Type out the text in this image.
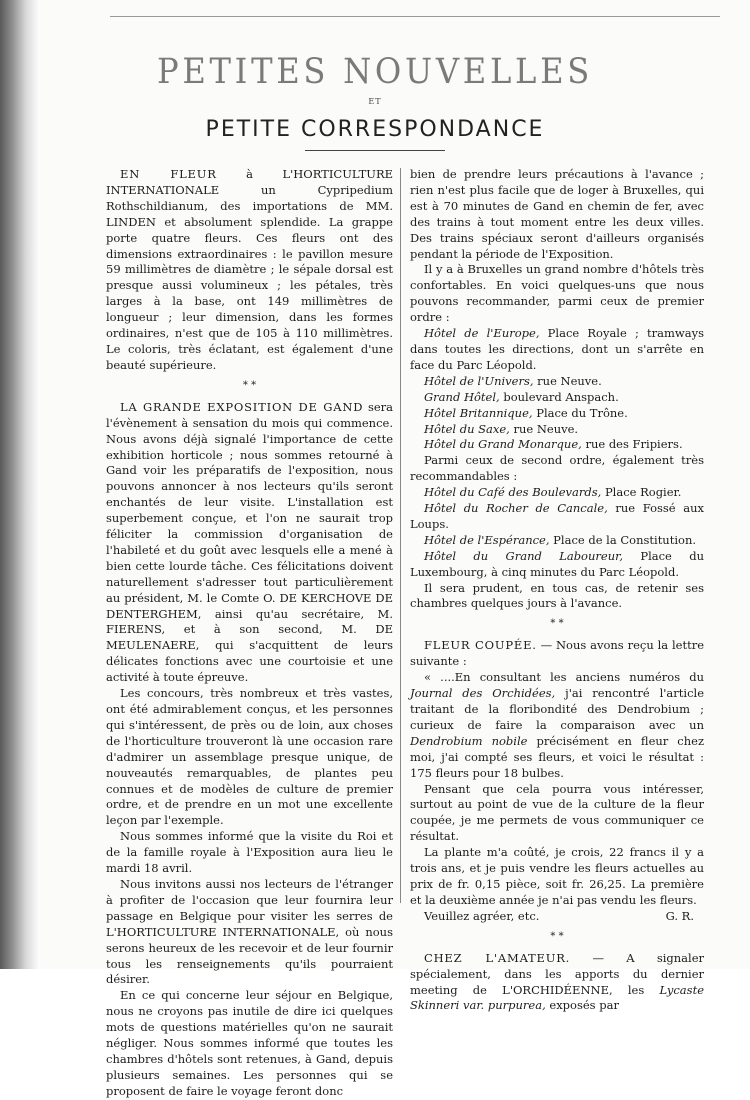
PETITES NOUVELLES
ET
PETITE CORRESPONDANCE

EN FLEUR	à L'HORTICULTURE INTERNATIONALE un Cypripedium Rothschildianum, des importations de MM. LINDEN et absolument splendide. La grappe porte quatre fleurs. Ces fleurs ont des dimensions extraordinaires : le pavillon mesure 59 millimètres de diamètre ; le sépale dorsal est presque aussi volumineux ; les pétales, très larges à la base, ont 149 millimètres de longueur ; leur dimension, dans les formes ordinaires, n'est que de 105 à 110 millimètres. Le coloris, très éclatant, est également d'une beauté supérieure.

* *

LA GRANDE EXPOSITION DE GAND sera l'évènement à sensation du mois qui commence. Nous avons déjà signalé l'importance de cette exhibition horticole ; nous sommes retourné à Gand voir les préparatifs de l'exposition, nous pouvons annoncer à nos lecteurs qu'ils seront enchantés de leur visite. L'installation est superbement conçue, et l'on ne saurait trop féliciter la commission d'organisation de l'habileté et du goût avec lesquels elle a mené à bien cette lourde tâche. Ces félicitations doivent naturellement s'adresser tout particulièrement au président, M. le Comte O. DE KERCHOVE DE DENTERGHEM, ainsi qu'au secrétaire, M. FIERENS, et à son second, M. DE MEULENAERE, qui s'acquittent de leurs délicates fonctions avec une courtoisie et une activité à toute épreuve.

Les concours, très nombreux et très vastes, ont été admirablement conçus, et les personnes qui s'intéressent, de près ou de loin, aux choses de l'horticulture trouveront là une occasion rare d'admirer un assemblage presque unique, de nouveautés remarquables, de plantes peu connues et de modèles de culture de premier ordre, et de prendre en un mot une excellente leçon par l'exemple.

Nous sommes informé que la visite du Roi et de la famille royale à l'Exposition aura lieu le mardi 18 avril.

Nous invitons aussi nos lecteurs de l'étranger à profiter de l'occasion que leur fournira leur passage en Belgique pour visiter les serres de L'HORTICULTURE INTERNATIONALE, où nous serons heureux de les recevoir et de leur fournir tous les renseignements qu'ils pourraient désirer.

En ce qui concerne leur séjour en Belgique, nous ne croyons pas inutile de dire ici quelques mots de questions matérielles qu'on ne saurait négliger. Nous sommes informé que toutes les chambres d'hôtels sont retenues, à Gand, depuis plusieurs semaines. Les personnes qui se proposent de faire le voyage feront donc

bien de prendre leurs précautions à l'avance ; rien n'est plus facile que de loger à Bruxelles, qui est à 70 minutes de Gand en chemin de fer, avec des trains à tout moment entre les deux villes. Des trains spéciaux seront d'ailleurs organisés pendant la période de l'Exposition.

Il y a à Bruxelles un grand nombre d'hôtels très confortables. En voici quelques-uns que nous pouvons recommander, parmi ceux de premier ordre :

Hôtel de l'Europe, Place Royale ; tramways dans toutes les directions, dont un s'arrête en face du Parc Léopold.

Hôtel de l'Univers, rue Neuve.

Grand Hôtel, boulevard Anspach.

Hôtel Britannique, Place du Trône.

Hôtel du Saxe, rue Neuve.

Hôtel du Grand Monarque, rue des Fripiers.

Parmi ceux de second ordre, également très recommandables :

Hôtel du Café des Boulevards, Place Rogier.

Hôtel du Rocher de Cancale, rue Fossé aux Loups.

Hôtel de l'Espérance, Place de la Constitution.

Hôtel du Grand Laboureur, Place du Luxembourg, à cinq minutes du Parc Léopold.

Il sera prudent, en tous cas, de retenir ses chambres quelques jours à l'avance.

* *

FLEUR COUPÉE. — Nous avons reçu la lettre suivante :

« ....En consultant les anciens numéros du Journal des Orchidées, j'ai rencontré l'article traitant de la floribondité des Dendrobium ; curieux de faire la comparaison avec un Dendrobium nobile précisément en fleur chez moi, j'ai compté ses fleurs, et voici le résultat : 175 fleurs pour 18 bulbes.

Pensant que cela pourra vous intéresser, surtout au point de vue de la culture de la fleur coupée, je me permets de vous communiquer ce résultat.

La plante m'a coûté, je crois, 22 francs il y a trois ans, et je puis vendre les fleurs actuelles au prix de fr. 0,15 pièce, soit fr. 26,25. La première et la deuxième année je n'ai pas vendu les fleurs.

Veuillez agréer, etc.	G. R.
* *

CHEZ L'AMATEUR. — A signaler spécialement, dans les apports du dernier meeting de L'ORCHIDÉENNE, les Lycaste Skinneri var. purpurea, exposés par
